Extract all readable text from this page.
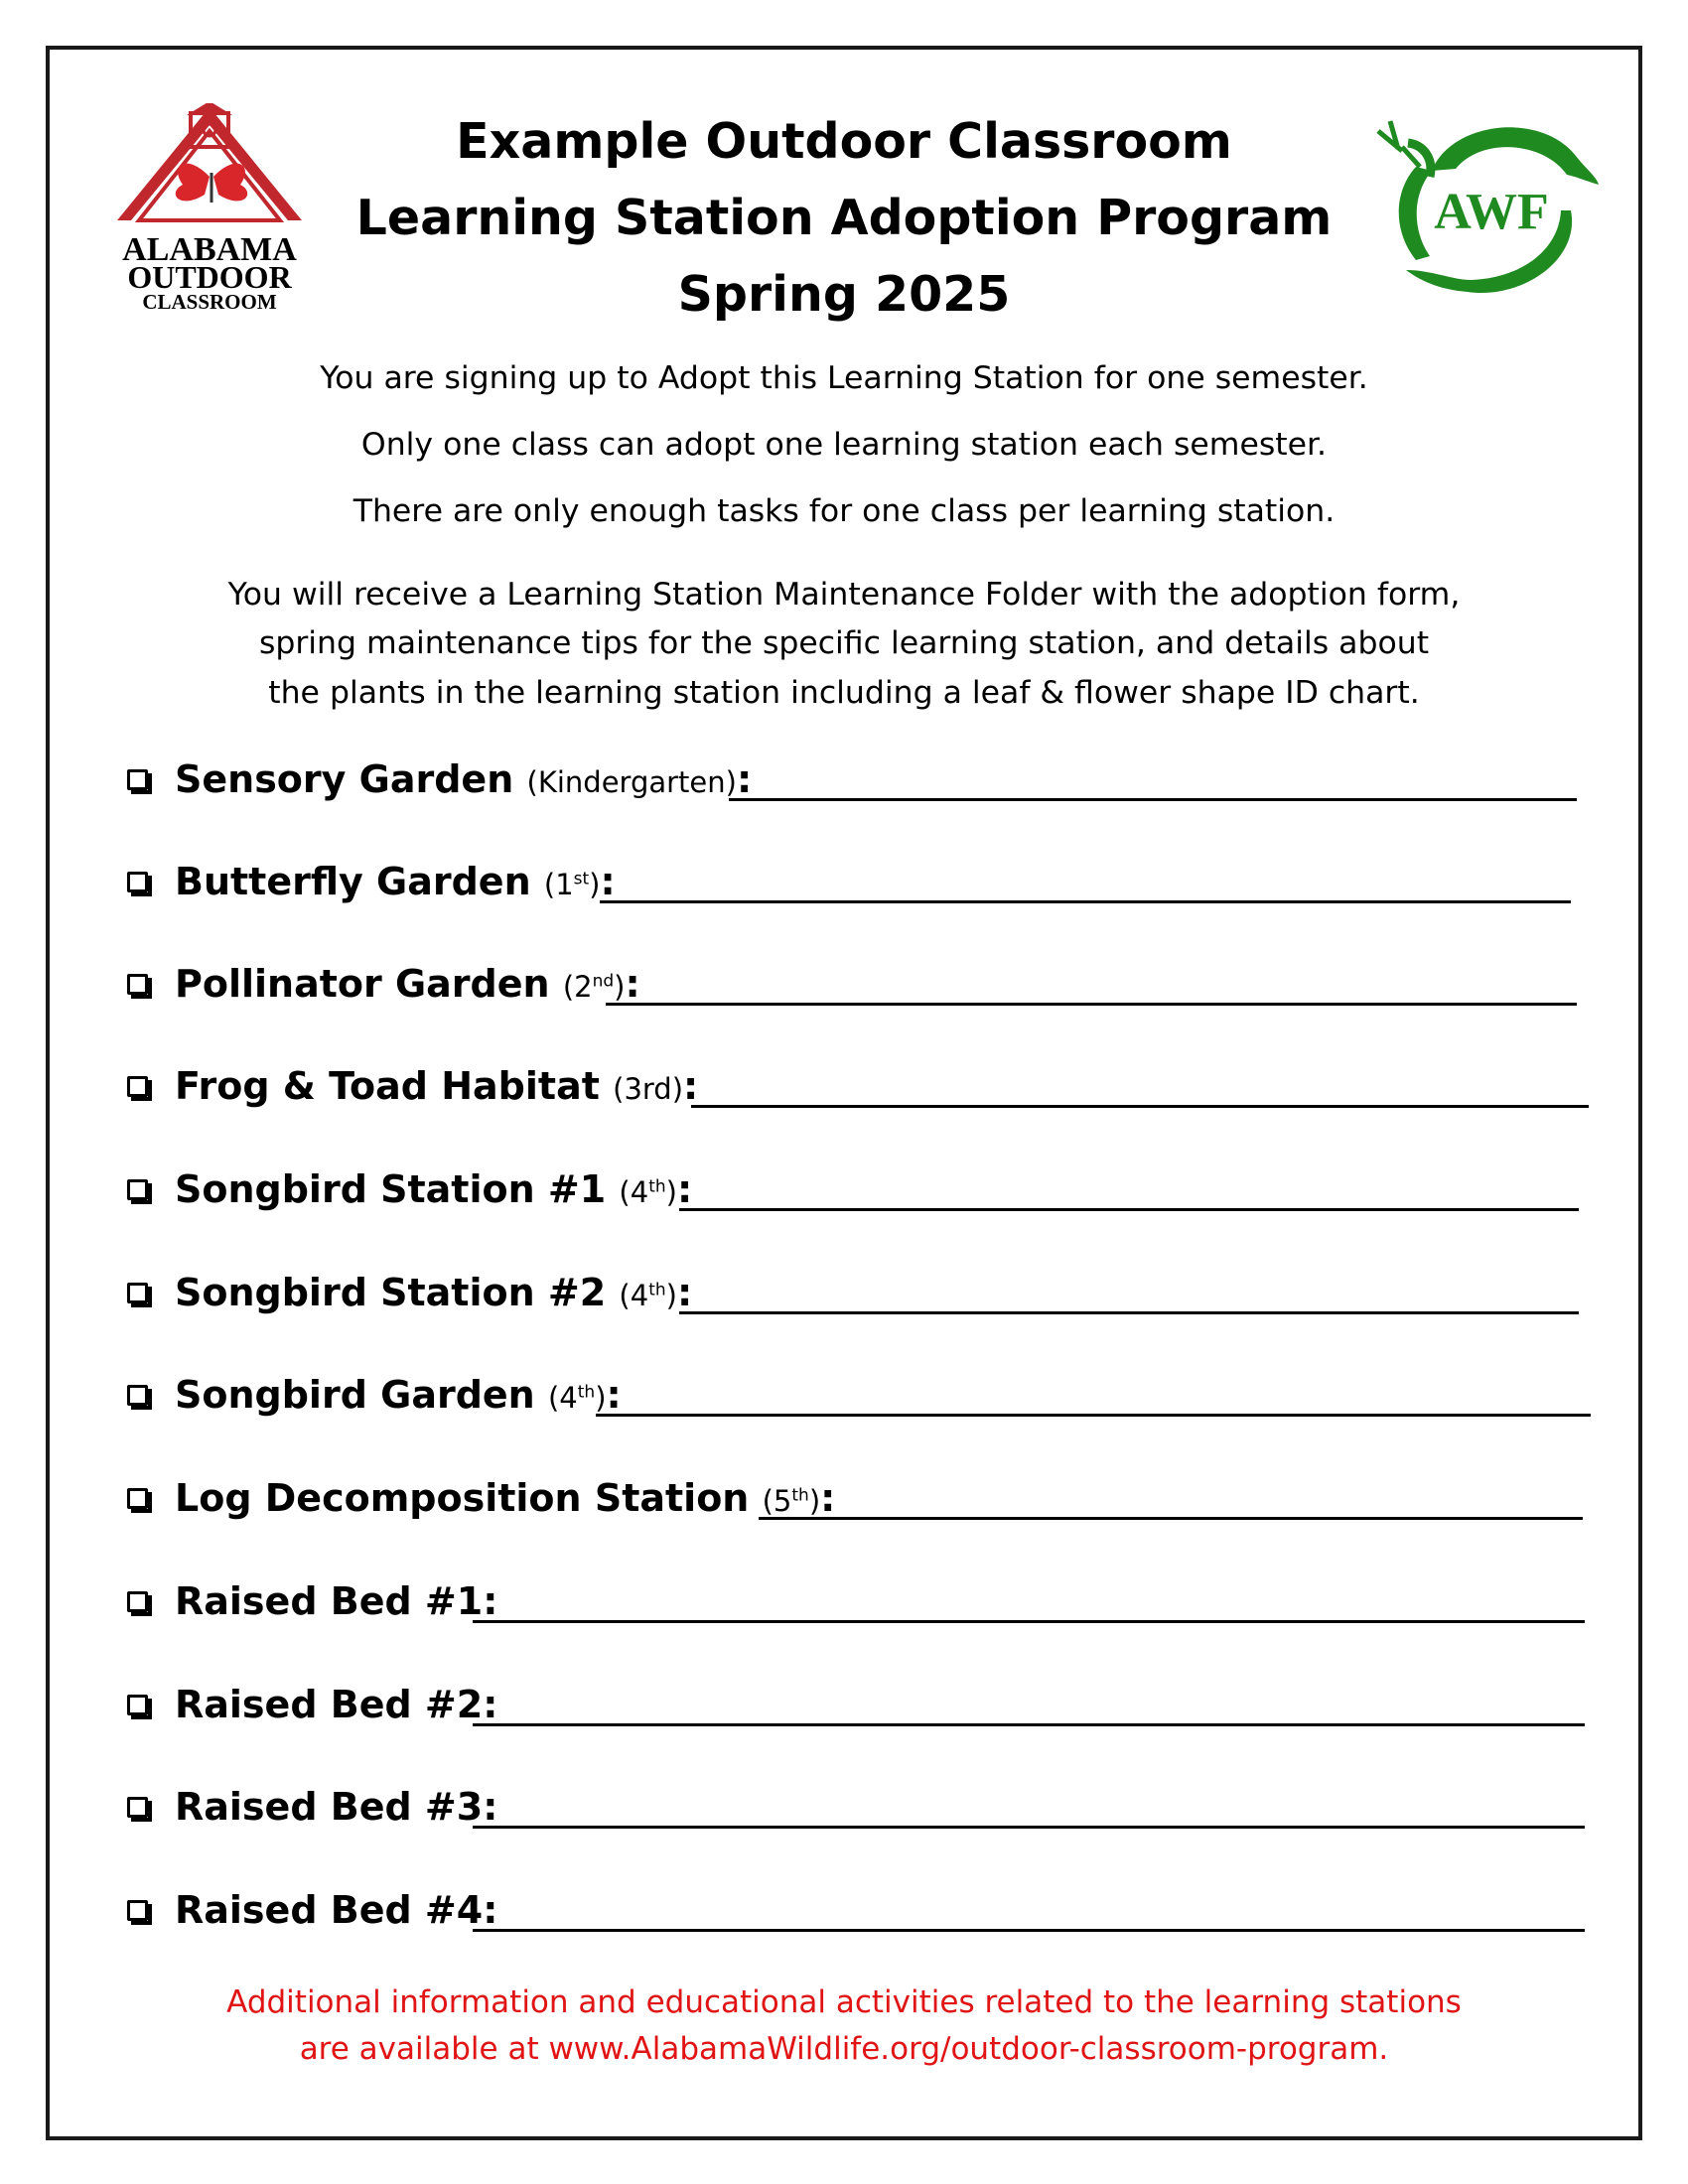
ALABAMA
OUTDOOR
CLASSROOM
AWF
Example Outdoor Classroom
Learning Station Adoption Program
Spring 2025
You are signing up to Adopt this Learning Station for one semester.
Only one class can adopt one learning station each semester.
There are only enough tasks for one class per learning station.
You will receive a Learning Station Maintenance Folder with the adoption form,
spring maintenance tips for the specific learning station, and details about
the plants in the learning station including a leaf & flower shape ID chart.
Sensory Garden (Kindergarten):
Butterfly Garden (1st):
Pollinator Garden (2nd):
Frog & Toad Habitat (3rd):
Songbird Station #1 (4th):
Songbird Station #2 (4th):
Songbird Garden (4th):
Log Decomposition Station (5th):
Raised Bed #1:
Raised Bed #2:
Raised Bed #3:
Raised Bed #4:
Additional information and educational activities related to the learning stations
are available at www.AlabamaWildlife.org/outdoor-classroom-program.
